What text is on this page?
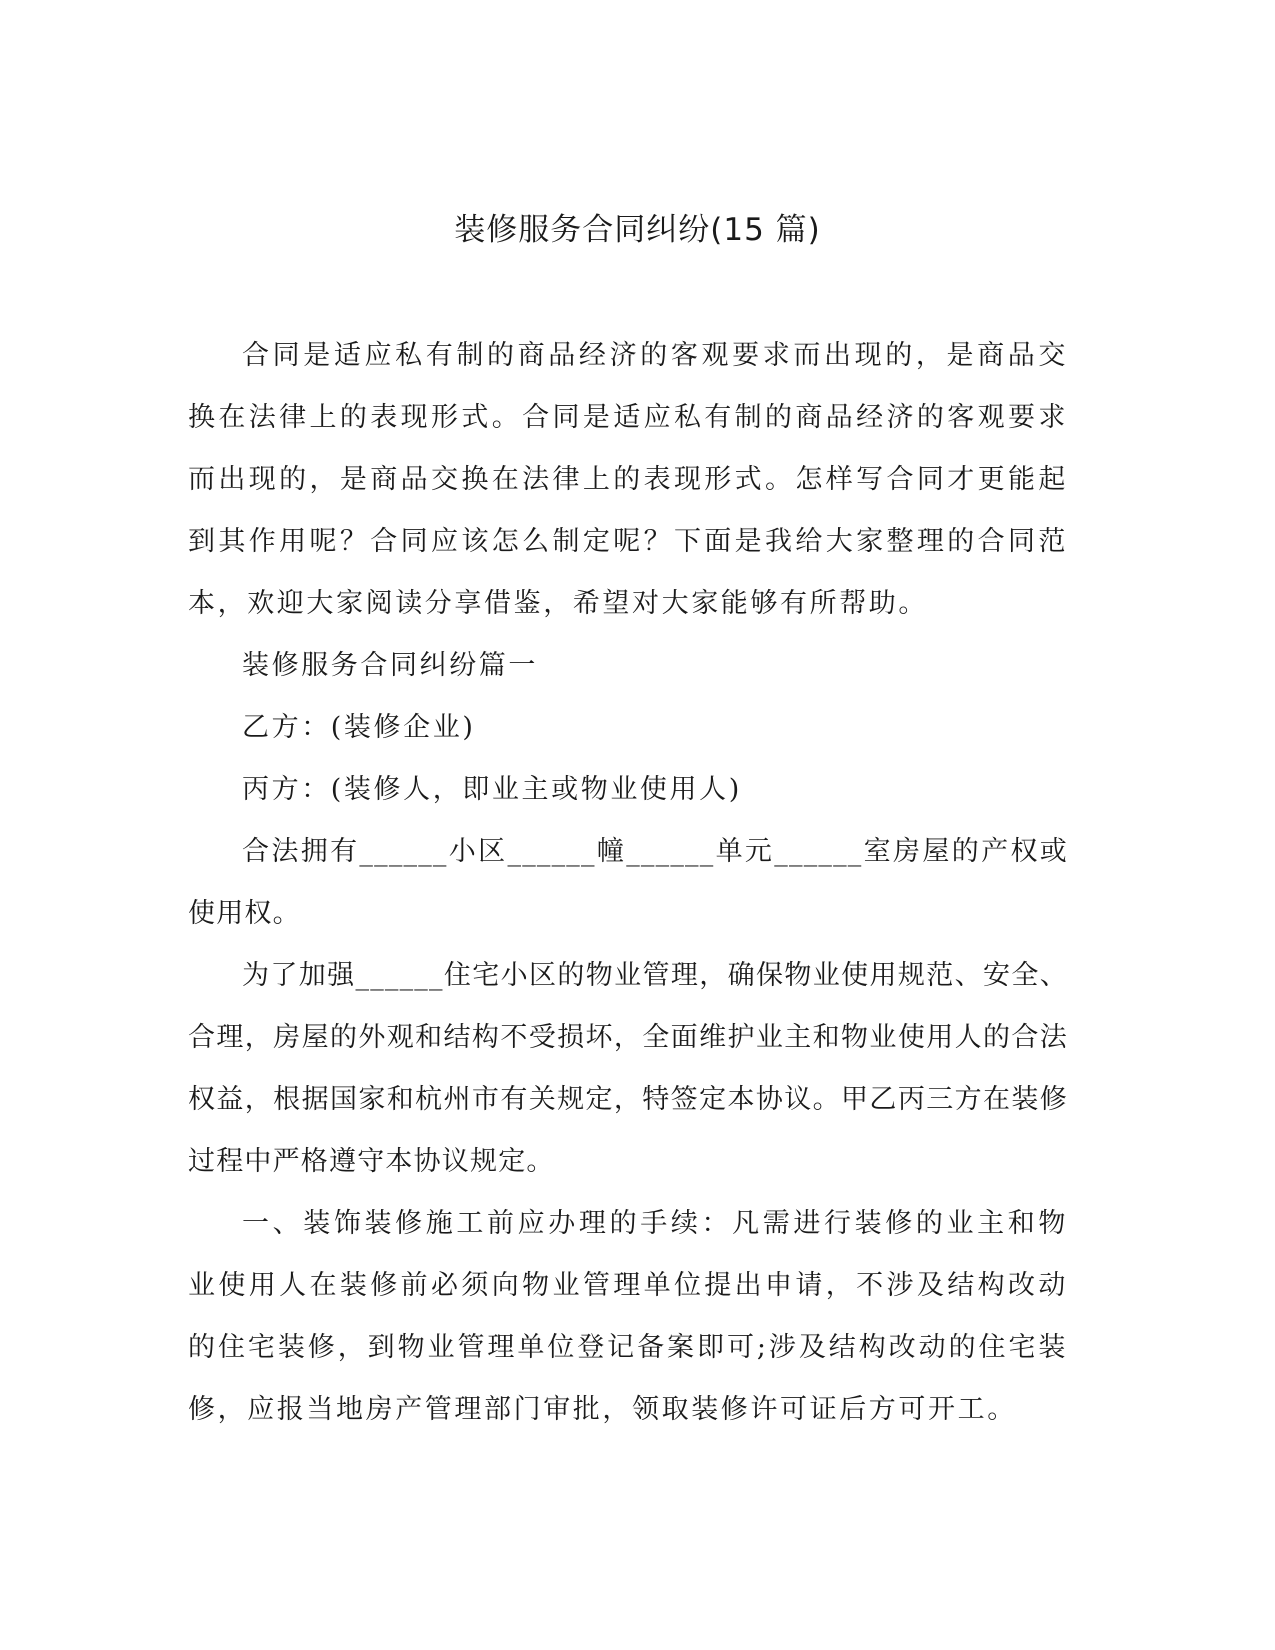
装修服务合同纠纷(15 篇)

合同是适应私有制的商品经济的客观要求而出现的，是商品交换在法律上的表现形式。合同是适应私有制的商品经济的客观要求而出现的，是商品交换在法律上的表现形式。怎样写合同才更能起到其作用呢？合同应该怎么制定呢？下面是我给大家整理的合同范本，欢迎大家阅读分享借鉴，希望对大家能够有所帮助。

装修服务合同纠纷篇一

乙方：(装修企业)

丙方：(装修人，即业主或物业使用人)

合法拥有______小区______幢______单元______室房屋的产权或使用权。

为了加强______住宅小区的物业管理，确保物业使用规范、安全、合理，房屋的外观和结构不受损坏，全面维护业主和物业使用人的合法权益，根据国家和杭州市有关规定，特签定本协议。甲乙丙三方在装修过程中严格遵守本协议规定。

一、装饰装修施工前应办理的手续：凡需进行装修的业主和物业使用人在装修前必须向物业管理单位提出申请，不涉及结构改动的住宅装修，到物业管理单位登记备案即可;涉及结构改动的住宅装修，应报当地房产管理部门审批，领取装修许可证后方可开工。
